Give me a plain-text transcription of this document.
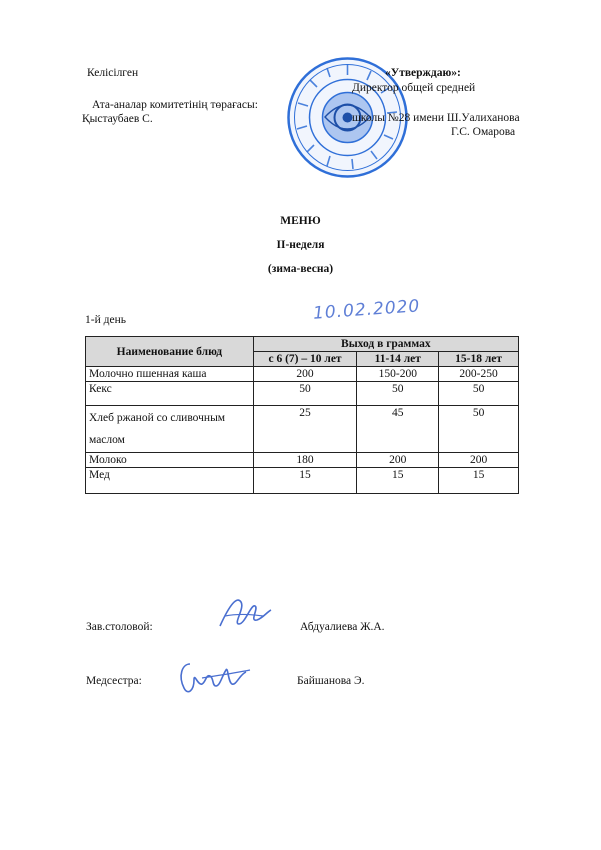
Келісілген
Ата-аналар комитетінің төрағасы:
Қыстаубаев С.
«Утверждаю»:
Директор общей средней
школы №28 имени Ш.Уалиханова
Г.С. Омарова
МЕНЮ
II-неделя
(зима-весна)
1-й день	10.02.2020
Наименование блюд	Выход в граммах		
	с 6 (7) – 10 лет	11-14 лет	15-18 лет
Молочно пшенная каша	200	150-200	200-250
Кекс	50	50	50
Хлеб ржаной со сливочным маслом	25	45	50
Молоко	180	200	200
Мед	15	15	15
Зав.столовой:	Абдуалиева Ж.А.
Медсестра:	Байшанова Э.
